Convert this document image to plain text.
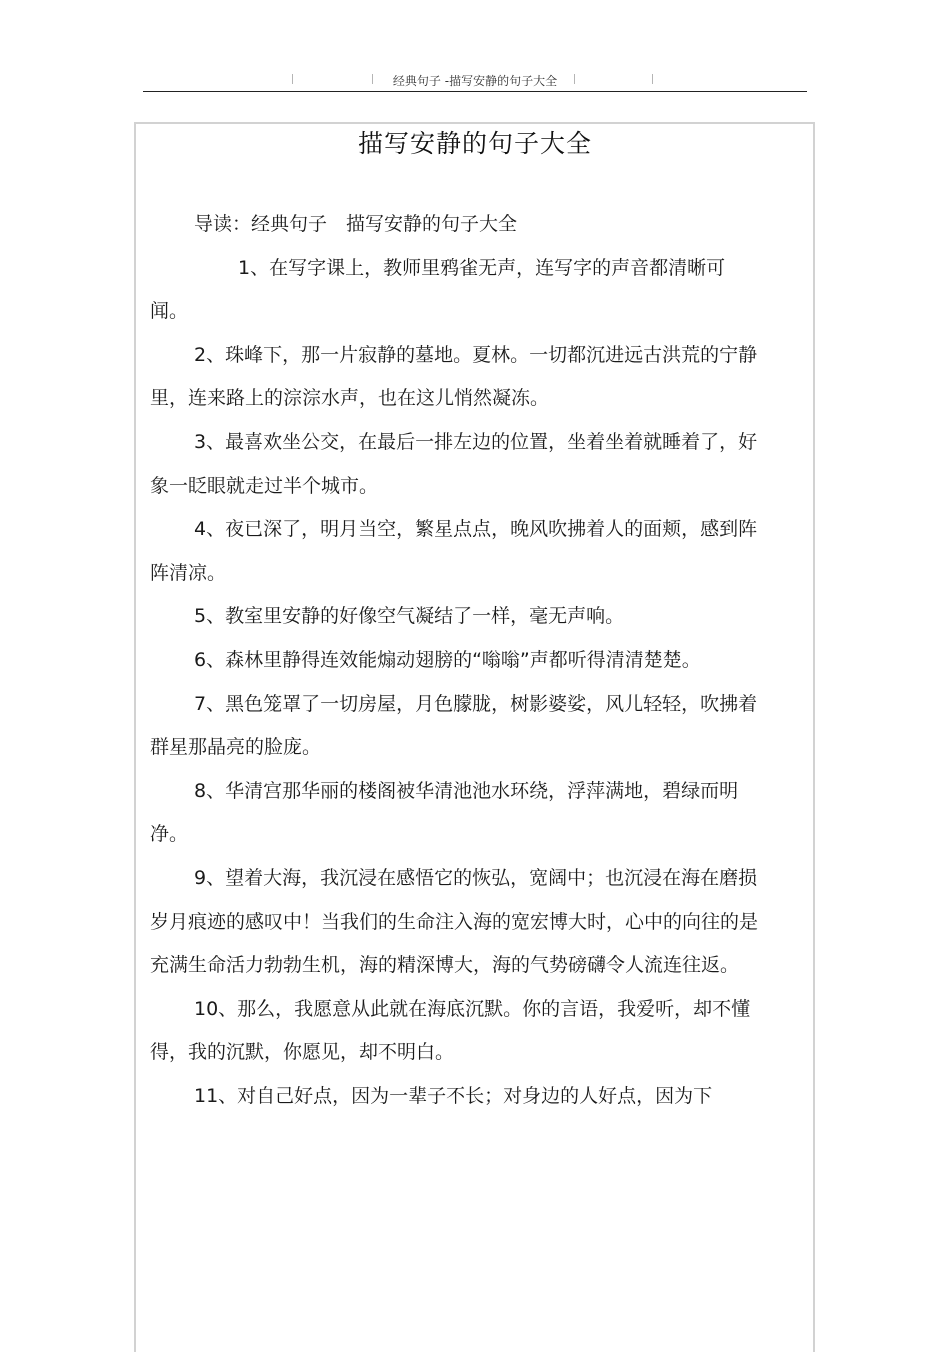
经典句子 -描写安静的句子大全
描写安静的句子大全

导读：经典句子　描写安静的句子大全

1、在写字课上，教师里鸦雀无声，连写字的声音都清晰可闻。

2、珠峰下，那一片寂静的墓地。夏林。一切都沉进远古洪荒的宁静里，连来路上的淙淙水声，也在这儿悄然凝冻。

3、最喜欢坐公交，在最后一排左边的位置，坐着坐着就睡着了，好象一眨眼就走过半个城市。

4、夜已深了，明月当空，繁星点点，晚风吹拂着人的面颊，感到阵阵清凉。

5、教室里安静的好像空气凝结了一样，毫无声响。

6、森林里静得连效能煽动翅膀的“嗡嗡”声都听得清清楚楚。

7、黑色笼罩了一切房屋，月色朦胧，树影婆娑，风儿轻轻，吹拂着群星那晶亮的脸庞。

8、华清宫那华丽的楼阁被华清池池水环绕，浮萍满地，碧绿而明净。

9、望着大海，我沉浸在感悟它的恢弘，宽阔中；也沉浸在海在磨损岁月痕迹的感叹中！当我们的生命注入海的宽宏博大时，心中的向往的是充满生命活力勃勃生机，海的精深博大，海的气势磅礴令人流连往返。

10、那么，我愿意从此就在海底沉默。你的言语，我爱听，却不懂得，我的沉默，你愿见，却不明白。

11、对自己好点，因为一辈子不长；对身边的人好点，因为下
